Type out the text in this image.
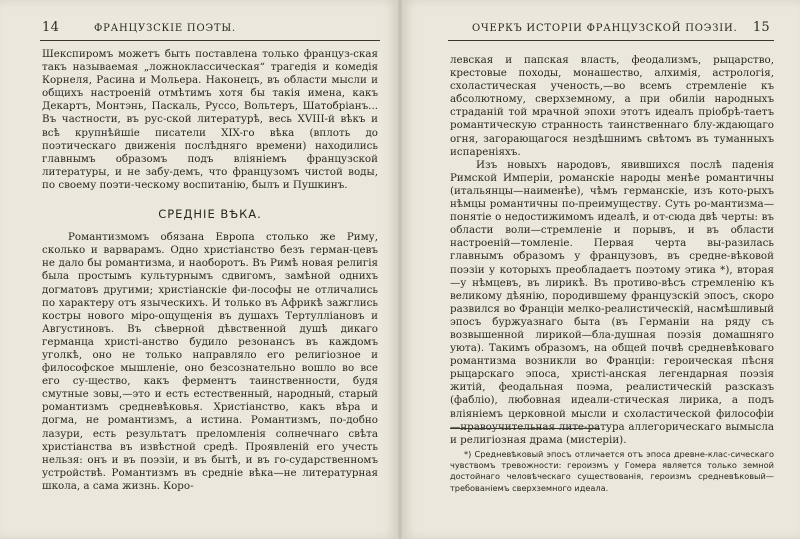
14	ФРАНЦУЗСКІЕ ПОЭТЫ.

Шекспиромъ можетъ быть поставлена только француз-ская такъ называемая „ложноклассическая“ трагедія и комедія Корнеля, Расина и Мольера. Наконецъ, въ области мысли и общихъ настроеній отмѣтимъ хотя бы такія имена, какъ Декартъ, Монтэнь, Паскаль, Руссо, Вольтеръ, Шатобріанъ... Въ частности, въ рус-ской литературѣ, весь XVIII-й вѣкъ и всѣ крупнѣйшіе писатели XIX-го вѣка (вплоть до поэтическаго движенія послѣдняго времени) находились главнымъ образомъ подъ вліяніемъ французской литературы, и не забу-демъ, что французомъ чистой воды, по своему поэти-ческому воспитанію, былъ и Пушкинъ.

СРЕДНІЕ ВѢКА.

Романтизмомъ обязана Европа столько же Риму, сколько и варварамъ. Одно христіанство безъ герман-цевъ не дало бы романтизма, и наоборотъ. Въ Римѣ новая религія была простымъ культурнымъ сдвигомъ, замѣной однихъ догматовъ другими; христіанскіе фи-лософы не отличались по характеру отъ языческихъ. И только въ Африкѣ зажглись костры нового міро-ощущенія въ душахъ Тертулліановъ и Августиновъ. Въ сѣверной дѣвственной душѣ дикаго германца христі-анство будило резонансъ въ каждомъ уголкѣ, оно не только направляло его религіозное и философское мышленіе, оно безсознательно вошло во все его су-щество, какъ ферментъ таинственности, будя смутные зовы,—это и есть естественный, народный, старый романтизмъ средневѣковья. Христіанство, какъ вѣра и догма, не романтизмъ, а истина. Романтизмъ, по-добно лазури, есть результатъ преломленія солнечнаго свѣта христіанства въ извѣстной средѣ. Проявленій его учесть нельзя: онъ и въ поэзіи, и въ бытѣ, и въ го-сударственномъ устройствѣ. Романтизмъ въ средніе вѣка—не литературная школа, а сама жизнь. Коро-

ОЧЕРКЪ ИСТОРІИ ФРАНЦУЗСКОЙ ПОЭЗІИ. 15

левская и папская власть, феодализмъ, рыцарство, крестовые походы, монашество, алхимія, астрологія, схоластическая ученость,—во всемъ стремленіе къ абсолютному, сверхземному, а при обиліи народныхъ страданій той мрачной эпохи этотъ идеалъ пріобрѣ-таетъ романтическую странность таинственнаго блу-ждающаго огня, загорающагося нездѣшнимъ свѣтомъ въ туманныхъ испареніяхъ.

Изъ новыхъ народовъ, явившихся послѣ паденія Римской Имперіи, романскіе народы менѣе романтичны (итальянцы—наименѣе), чѣмъ германскіе, изъ кото-рыхъ нѣмцы романтичны по-преимуществу. Суть ро-мантизма—понятіе о недостижимомъ идеалѣ, и от-сюда двѣ черты: въ области воли—стремленіе и порывъ, и въ области настроеній—томленіе. Первая черта вы-разилась главнымъ образомъ у французовъ, въ средне-вѣковой поэзіи у которыхъ преобладаетъ поэтому этика *), вторая—у нѣмцевъ, въ лирикѣ. Въ противо-вѣсъ стремленію къ великому дѣянію, породившему французскій эпосъ, скоро развился во Франціи мелко-реалистическій, насмѣшливый эпосъ буржуазнаго быта (въ Германіи на ряду съ возвышенной лирикой—бла-душная поэзія домашняго уюта). Такимъ образомъ, на общей почвѣ средневѣковаго романтизма возникли во Франціи: героическая пѣсня рыцарскаго эпоса, христі-анская легендарная поэзія житій, феодальная поэма, реалистическій разсказъ (фабліо), любовная идеали-стическая лирика, а подъ вліяніемъ церковной мысли и схоластической философіи—нравоучительная лите-ратура аллегорическаго вымысла и религіозная драма (мистеріи).

*) Средневѣковый эпосъ отличается отъ эпоса древне-клас-сическаго чувствомъ тревожности: героизмъ у Гомера является только земной достойнаго человѣческаго существованія, героизмъ средневѣковый—требованіемъ сверхземного идеала.
